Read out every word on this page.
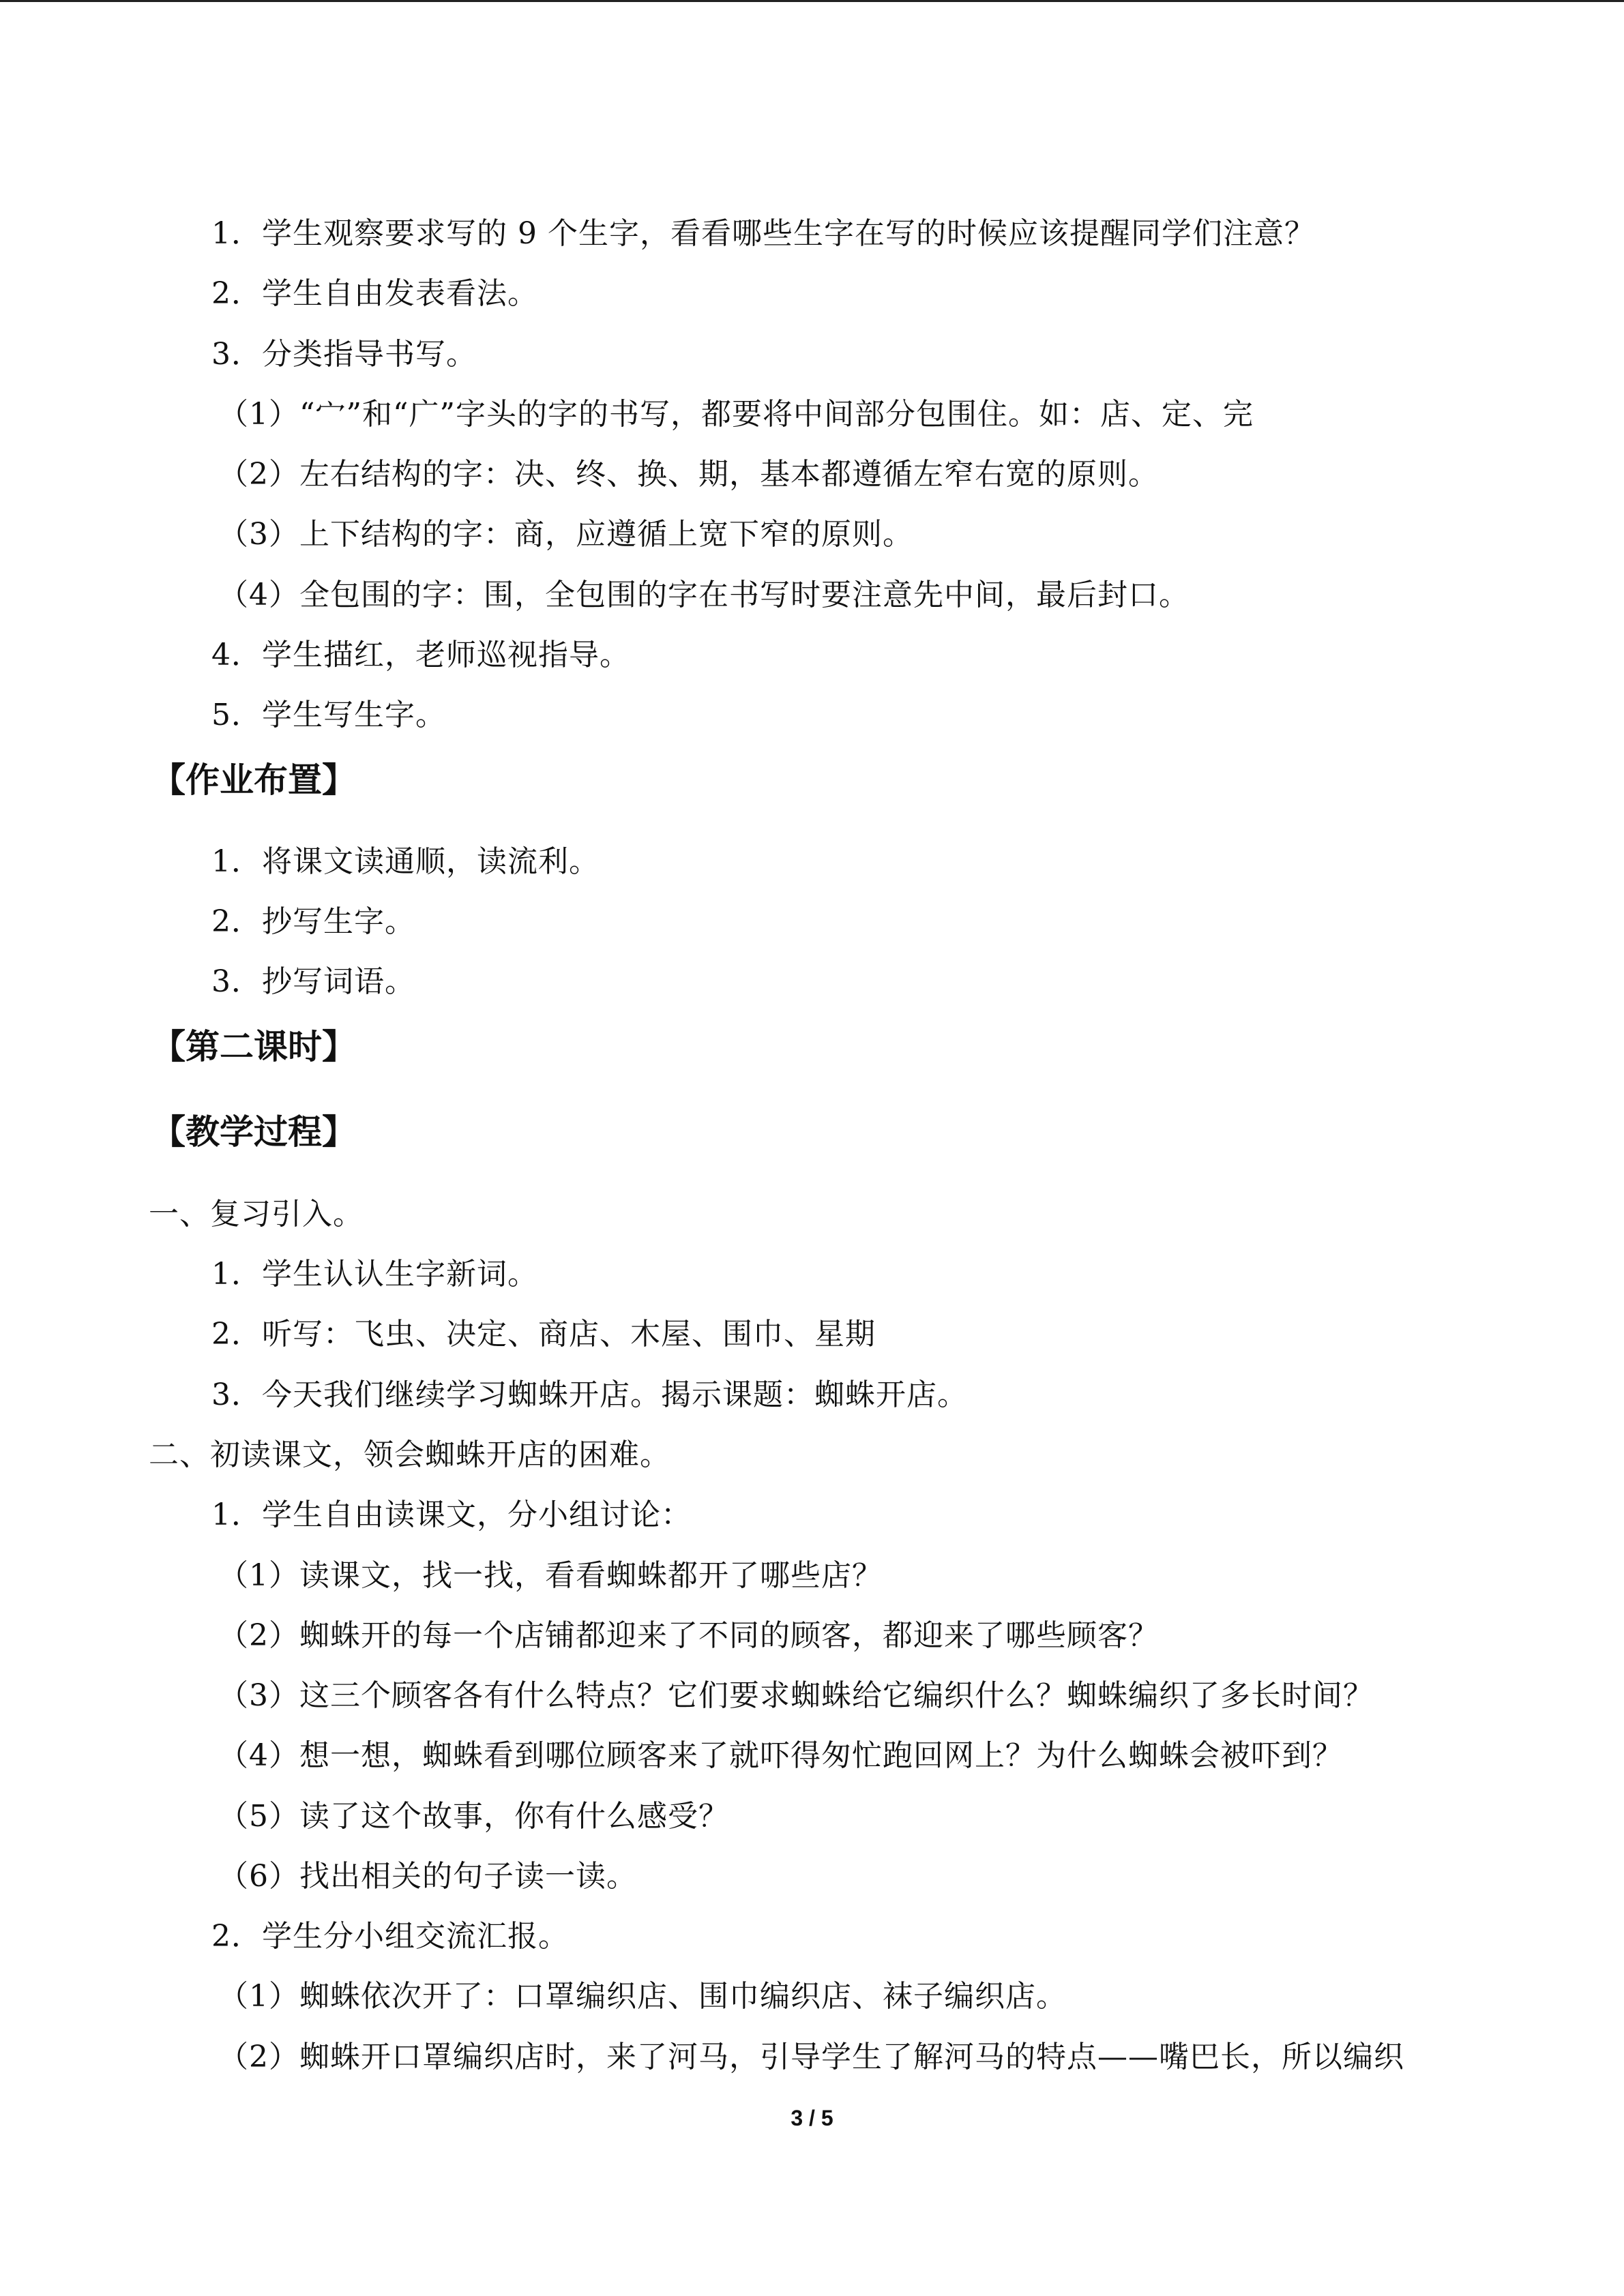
1．学生观察要求写的 9 个生字，看看哪些生字在写的时候应该提醒同学们注意？
2．学生自由发表看法。
3．分类指导书写。
（1）“宀”和“广”字头的字的书写，都要将中间部分包围住。如：店、定、完
（2）左右结构的字：决、终、换、期，基本都遵循左窄右宽的原则。
（3）上下结构的字：商，应遵循上宽下窄的原则。
（4）全包围的字：围，全包围的字在书写时要注意先中间，最后封口。
4．学生描红，老师巡视指导。
5．学生写生字。
【作业布置】
1．将课文读通顺，读流利。
2．抄写生字。
3．抄写词语。
【第二课时】
【教学过程】
一、复习引入。
1．学生认认生字新词。
2．听写：飞虫、决定、商店、木屋、围巾、星期
3．今天我们继续学习蜘蛛开店。揭示课题：蜘蛛开店。
二、初读课文，领会蜘蛛开店的困难。
1．学生自由读课文，分小组讨论：
（1）读课文，找一找，看看蜘蛛都开了哪些店？
（2）蜘蛛开的每一个店铺都迎来了不同的顾客，都迎来了哪些顾客？
（3）这三个顾客各有什么特点？它们要求蜘蛛给它编织什么？蜘蛛编织了多长时间？
（4）想一想，蜘蛛看到哪位顾客来了就吓得匆忙跑回网上？为什么蜘蛛会被吓到？
（5）读了这个故事，你有什么感受？
（6）找出相关的句子读一读。
2．学生分小组交流汇报。
（1）蜘蛛依次开了：口罩编织店、围巾编织店、袜子编织店。
（2）蜘蛛开口罩编织店时，来了河马，引导学生了解河马的特点——嘴巴长，所以编织
3 / 5
